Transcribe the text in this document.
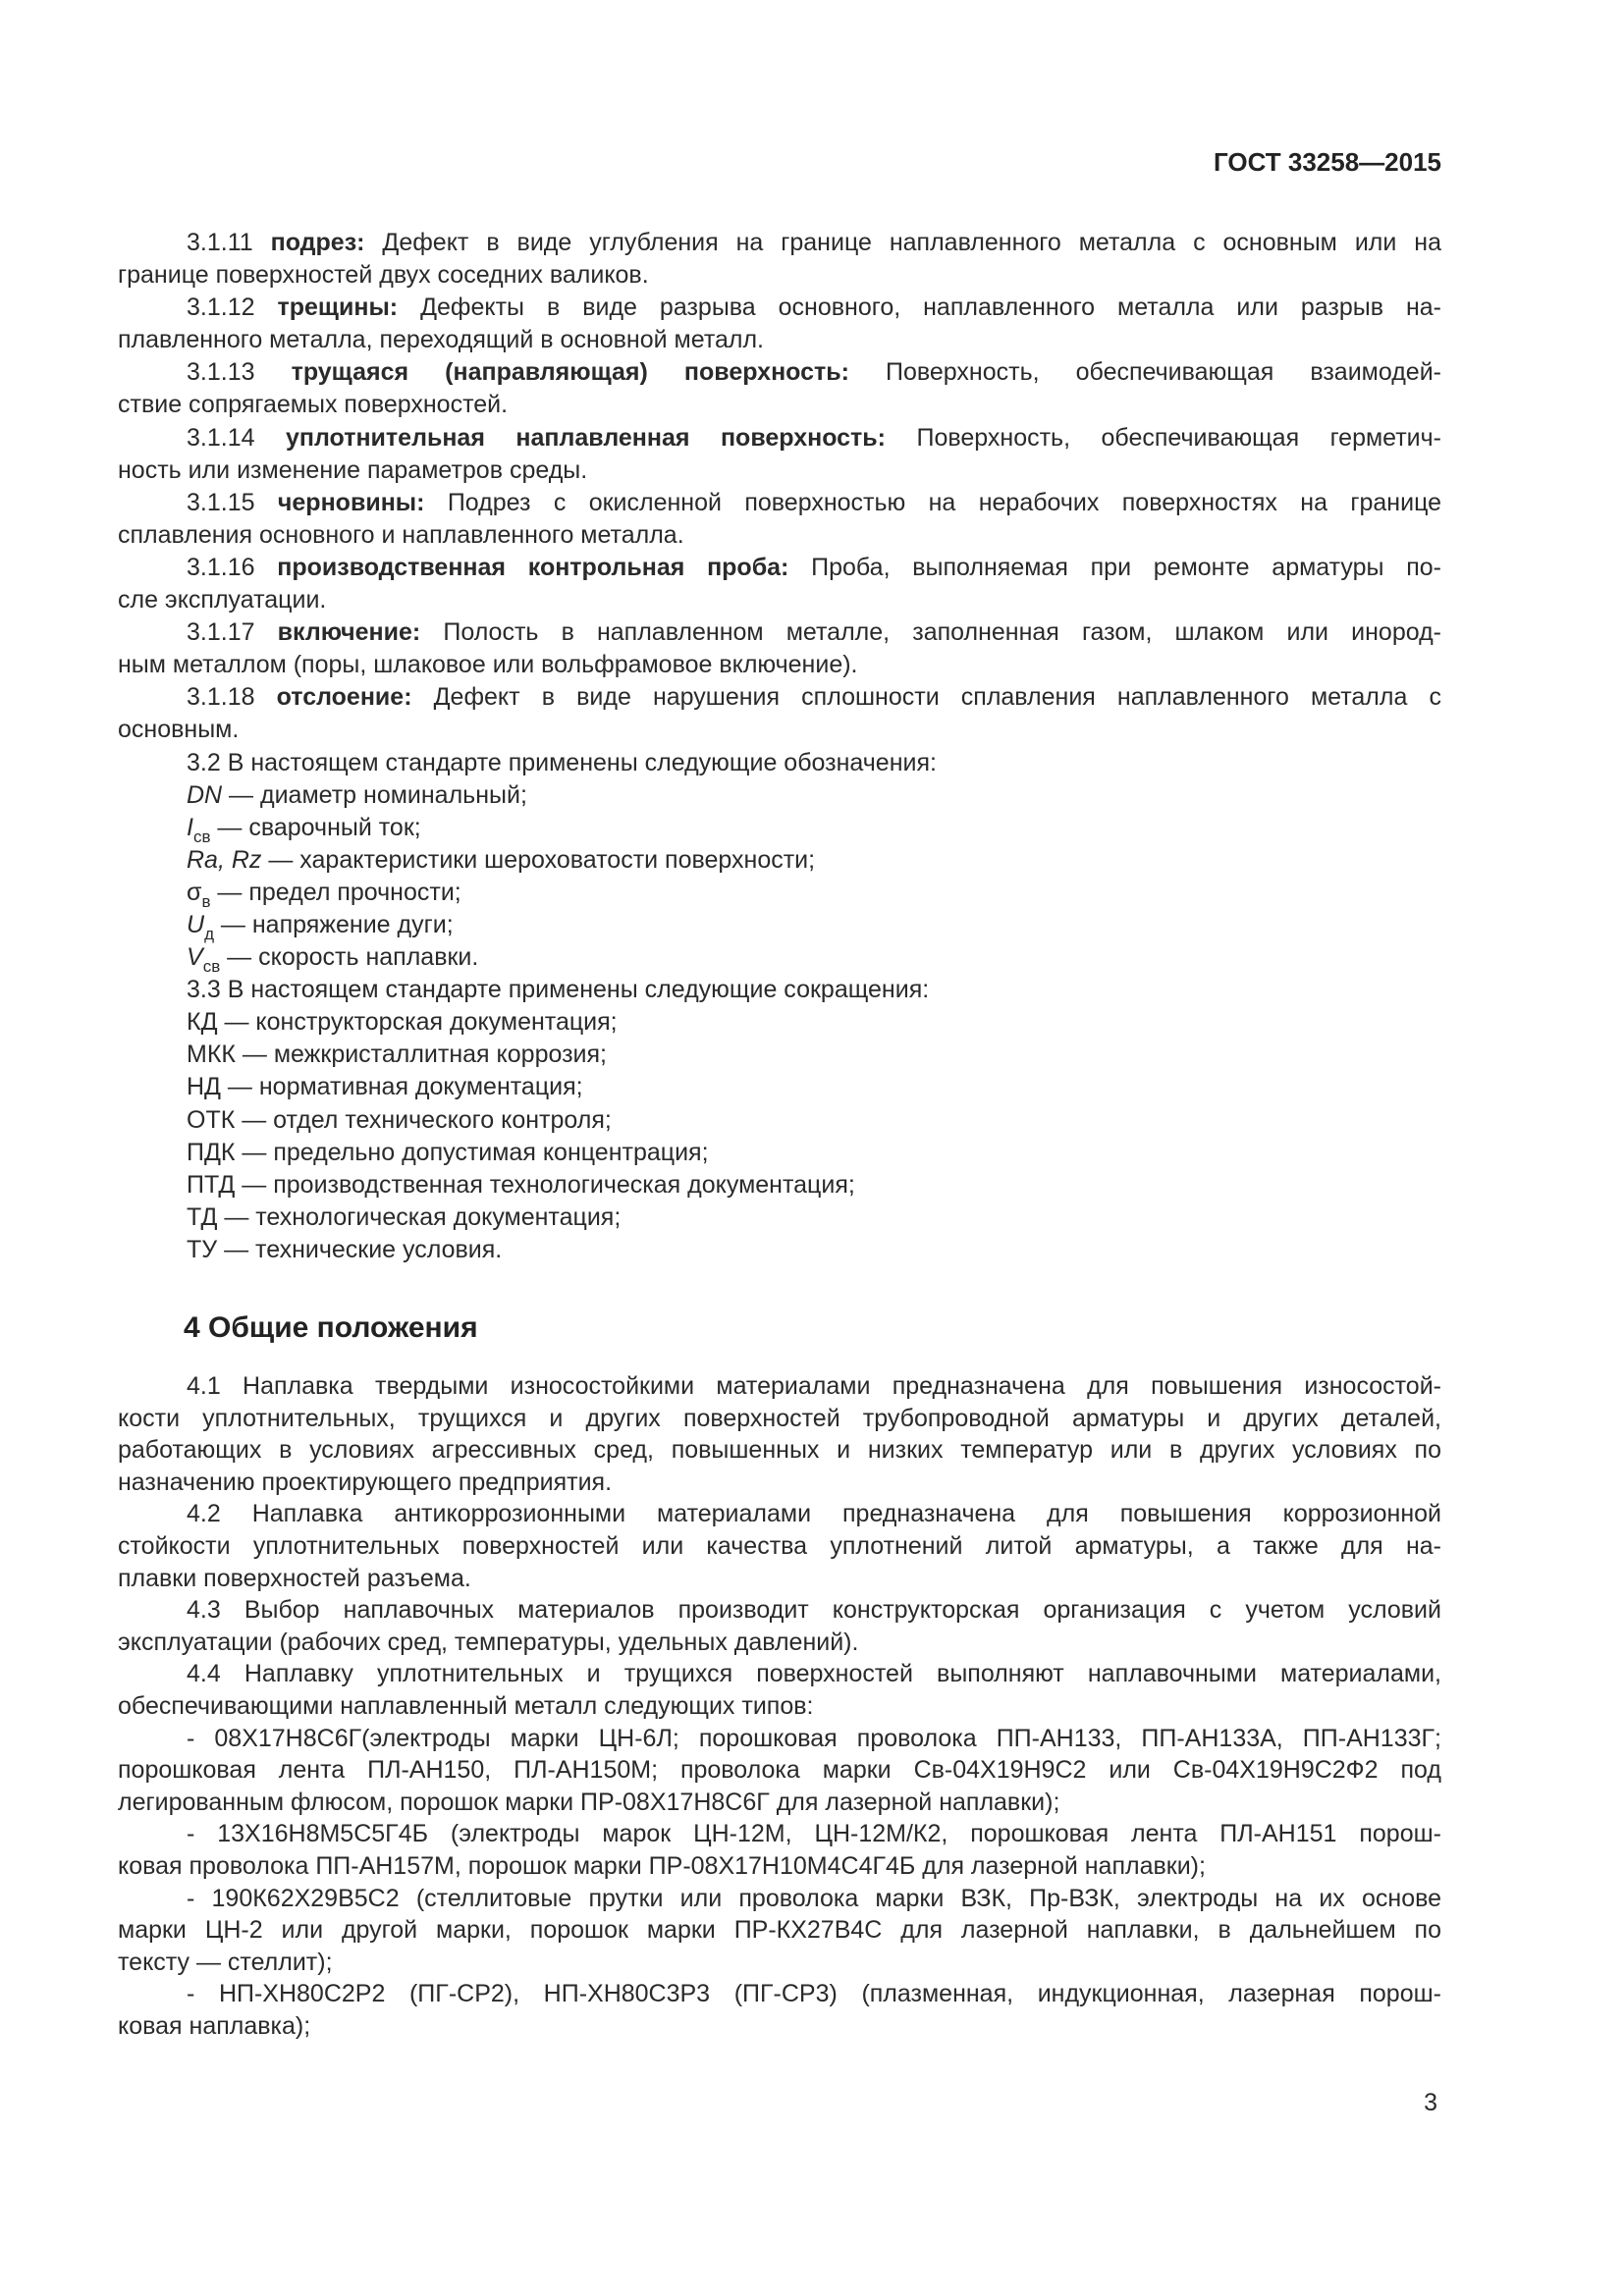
ГОСТ 33258—2015
3.1.11 подрез: Дефект в виде углубления на границе наплавленного металла с основным или на
границе поверхностей двух соседних валиков.
3.1.12 трещины: Дефекты в виде разрыва основного, наплавленного металла или разрыв на-
плавленного металла, переходящий в основной металл.
3.1.13 трущаяся (направляющая) поверхность: Поверхность, обеспечивающая взаимодей-
ствие сопрягаемых поверхностей.
3.1.14 уплотнительная наплавленная поверхность: Поверхность, обеспечивающая герметич-
ность или изменение параметров среды.
3.1.15 черновины: Подрез с окисленной поверхностью на нерабочих поверхностях на границе
сплавления основного и наплавленного металла.
3.1.16 производственная контрольная проба: Проба, выполняемая при ремонте арматуры по-
сле эксплуатации.
3.1.17 включение: Полость в наплавленном металле, заполненная газом, шлаком или инород-
ным металлом (поры, шлаковое или вольфрамовое включение).
3.1.18 отслоение: Дефект в виде нарушения сплошности сплавления наплавленного металла с
основным.
3.2 В настоящем стандарте применены следующие обозначения:
DN — диаметр номинальный;
$I_{св}$ — сварочный ток;
Ra, Rz — характеристики шероховатости поверхности;
$\sigma_в$ — предел прочности;
$U_д$ — напряжение дуги;
$V_{св}$ — скорость наплавки.
3.3 В настоящем стандарте применены следующие сокращения:
КД — конструкторская документация;
МКК — межкристаллитная коррозия;
НД — нормативная документация;
ОТК — отдел технического контроля;
ПДК — предельно допустимая концентрация;
ПТД — производственная технологическая документация;
ТД — технологическая документация;
ТУ — технические условия.
4 Общие положения
4.1 Наплавка твердыми износостойкими материалами предназначена для повышения износостой-
кости уплотнительных, трущихся и других поверхностей трубопроводной арматуры и других деталей,
работающих в условиях агрессивных сред, повышенных и низких температур или в других условиях по
назначению проектирующего предприятия.
4.2 Наплавка антикоррозионными материалами предназначена для повышения коррозионной
стойкости уплотнительных поверхностей или качества уплотнений литой арматуры, а также для на-
плавки поверхностей разъема.
4.3 Выбор наплавочных материалов производит конструкторская организация с учетом условий
эксплуатации (рабочих сред, температуры, удельных давлений).
4.4 Наплавку уплотнительных и трущихся поверхностей выполняют наплавочными материалами,
обеспечивающими наплавленный металл следующих типов:
- 08Х17Н8С6Г(электроды марки ЦН-6Л; порошковая проволока ПП-АН133, ПП-АН133А, ПП-АН133Г;
порошковая лента ПЛ-АН150, ПЛ-АН150М; проволока марки Св-04Х19Н9С2 или Св-04Х19Н9С2Ф2 под
легированным флюсом, порошок марки ПР-08Х17Н8С6Г для лазерной наплавки);
- 13Х16Н8М5С5Г4Б (электроды марок ЦН-12М, ЦН-12М/К2, порошковая лента ПЛ-АН151 порош-
ковая проволока ПП-АН157М, порошок марки ПР-08Х17Н10М4С4Г4Б для лазерной наплавки);
- 190К62Х29В5С2 (стеллитовые прутки или проволока марки ВЗК, Пр-ВЗК, электроды на их основе
марки ЦН-2 или другой марки, порошок марки ПР-КХ27В4С для лазерной наплавки, в дальнейшем по
тексту — стеллит);
- НП-ХН80С2Р2 (ПГ-СР2), НП-ХН80С3Р3 (ПГ-СР3) (плазменная, индукционная, лазерная порош-
ковая наплавка);
3
